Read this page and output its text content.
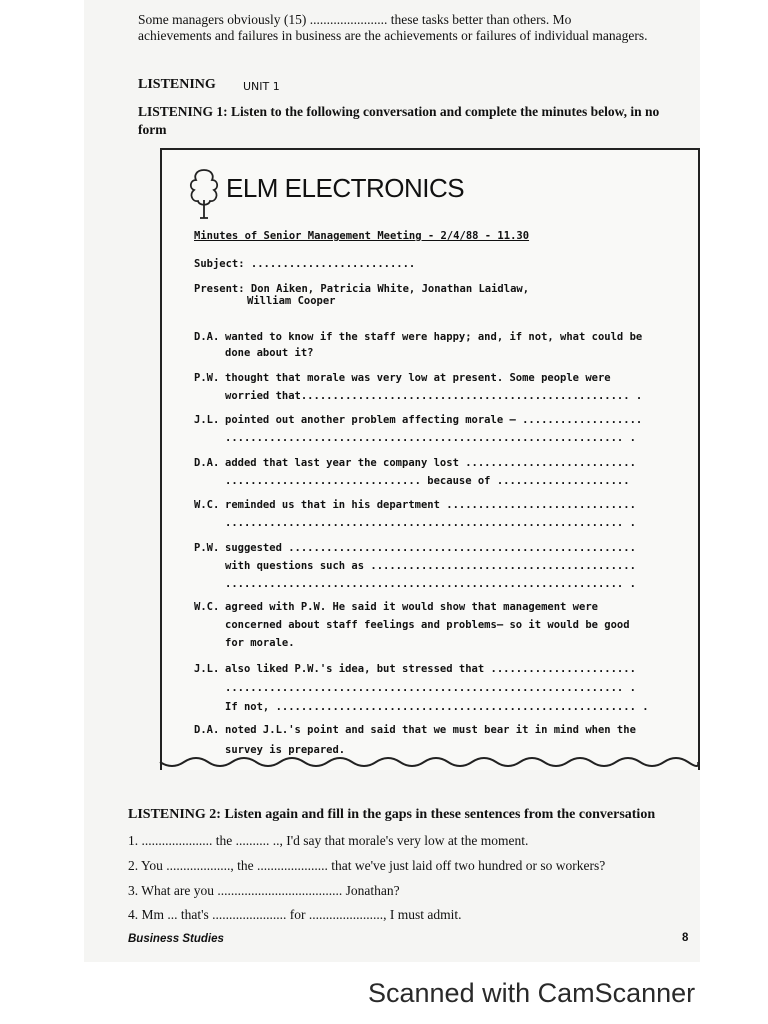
Some managers obviously (15) ....................... these tasks better than others. Mo
achievements and failures in business are the achievements or failures of individual managers.
LISTENING UNIT 1
LISTENING 1: Listen to the following conversation and complete the minutes below, in no
form
ELM ELECTRONICS
Minutes of Senior Management Meeting - 2/4/88 - 11.30
Subject: ..........................
Present: Don Aiken, Patricia White, Jonathan Laidlaw,
William Cooper
D.A. wanted to know if the staff were happy; and, if not, what could be
done about it?
P.W. thought that morale was very low at present. Some people were
worried that.................................................... .
J.L. pointed out another problem affecting morale — ...................
............................................................... .
D.A. added that last year the company lost ...........................
............................... because of .....................
W.C. reminded us that in his department ..............................
............................................................... .
P.W. suggested .......................................................
with questions such as ..........................................
............................................................... .
W.C. agreed with P.W. He said it would show that management were
concerned about staff feelings and problems— so it would be good
for morale.
J.L. also liked P.W.'s idea, but stressed that .......................
............................................................... .
If not, ......................................................... .
D.A. noted J.L.'s point and said that we must bear it in mind when the
survey is prepared.
LISTENING 2: Listen again and fill in the gaps in these sentences from the conversation
1. ..................... the .......... .., I'd say that morale's very low at the moment.
2. You ..................., the ..................... that we've just laid off two hundred or so workers?
3. What are you ..................................... Jonathan?
4. Mm ... that's ...................... for ......................, I must admit.
Business Studies	8
Scanned with CamScanner
